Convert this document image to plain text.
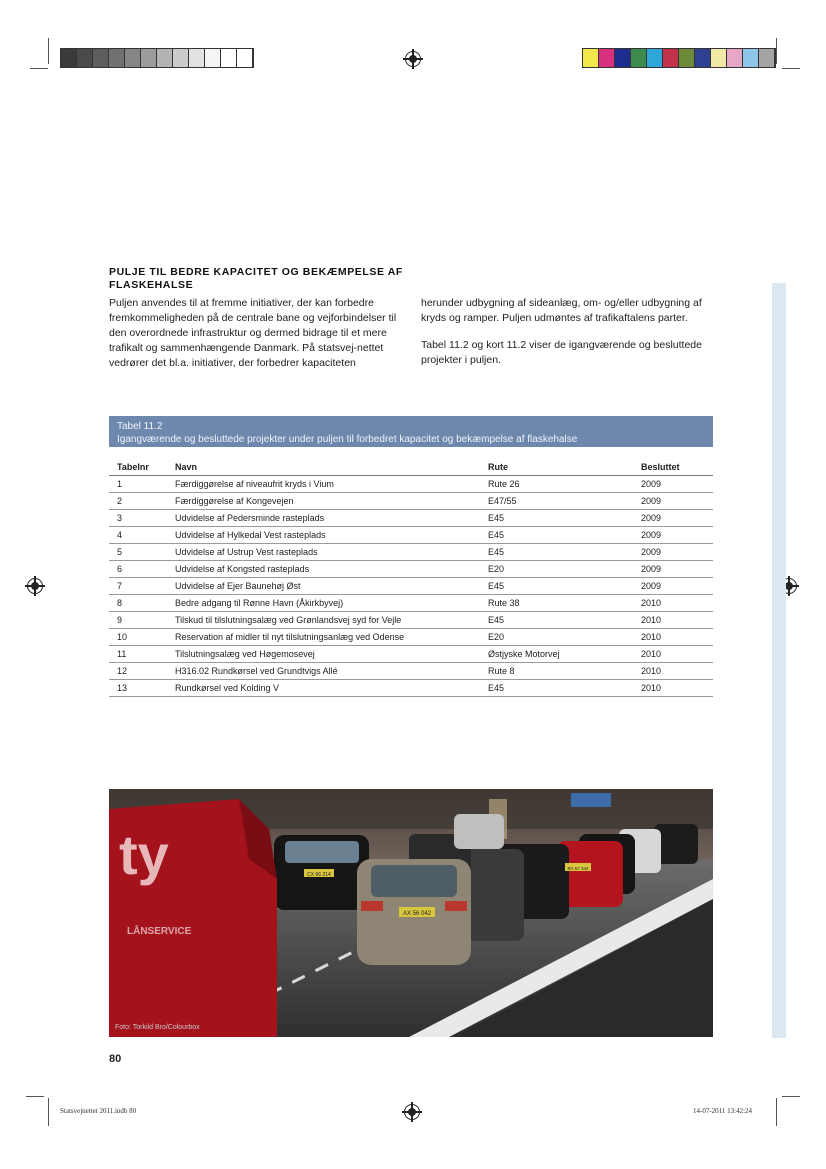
PULJE TIL BEDRE KAPACITET OG BEKÆMPELSE AF FLASKEHALSE

Puljen anvendes til at fremme initiativer, der kan forbedre fremkommeligheden på de centrale bane og vejforbindelser til den overordnede infrastruktur og dermed bidrage til et mere trafikalt og sammenhængende Danmark. På statsvej-nettet vedrører det bl.a. initiativer, der forbedrer kapaciteten

herunder udbygning af sideanlæg, om- og/eller udbygning af kryds og ramper. Puljen udmøntes af trafikaftalens parter.

Tabel 11.2 og kort 11.2 viser de igangværende og besluttede projekter i puljen.

Tabel 11.2
Igangværende og besluttede projekter under puljen til forbedret kapacitet og bekæmpelse af flaskehalse
Tabelnr	Navn	Rute	Besluttet
1	Færdiggørelse af niveaufrit kryds i Vium	Rute 26	2009
2	Færdiggørelse af Kongevejen	E47/55	2009
3	Udvidelse af Pedersminde rasteplads	E45	2009
4	Udvidelse af Hylkedal Vest rasteplads	E45	2009
5	Udvidelse af Ustrup Vest rasteplads	E45	2009
6	Udvidelse af Kongsted rasteplads	E20	2009
7	Udvidelse af Ejer Baunehøj Øst	E45	2009
8	Bedre adgang til Rønne Havn (Åkirkbyvej)	Rute 38	2010
9	Tilskud til tilslutningsalæg ved Grønlandsvej syd for Vejle	E45	2010
10	Reservation af midler til nyt tilslutningsanlæg ved Odense	E20	2010
11	Tilslutningsalæg ved Høgemosevej	Østjyske Motorvej	2010
12	H316.02 Rundkørsel ved Grundtvigs Allé	Rute 8	2010
13	Rundkørsel ved Kolding V	E45	2010
CX 66 214
AX 56 042
RA 57 342
LÅNSERVICE
ty
Foto: Torkild Bro/Colourbox
80
Statsvejnettet 2011.indb 80	14-07-2011 13:42:24
